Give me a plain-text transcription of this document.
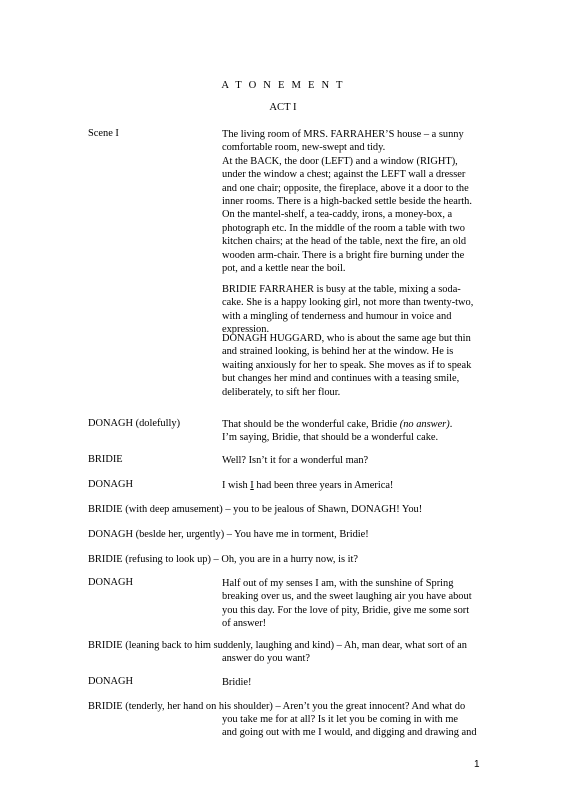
A T O N E M E N T
ACT I
Scene I	The living room of MRS. FARRAHER’S house – a sunny
comfortable room, new-swept and tidy.
At the BACK, the door (LEFT) and a window (RIGHT),
under the window a chest; against the LEFT wall a dresser
and one chair; opposite, the fireplace, above it a door to the
inner rooms. There is a high-backed settle beside the hearth.
On the mantel-shelf, a tea-caddy, irons, a money-box, a
photograph etc. In the middle of the room a table with two
kitchen chairs; at the head of the table, next the fire, an old
wooden arm-chair. There is a bright fire burning under the
pot, and a kettle near the boil.
BRIDIE FARRAHER is busy at the table, mixing a soda-
cake. She is a happy looking girl, not more than twenty-two,
with a mingling of tenderness and humour in voice and
expression.
DONAGH HUGGARD, who is about the same age but thin
and strained looking, is behind her at the window. He is
waiting anxiously for her to speak. She moves as if to speak
but changes her mind and continues with a teasing smile,
deliberately, to sift her flour.
DONAGH (dolefully)	That should be the wonderful cake, Bridie (no answer).
I’m saying, Bridie, that should be a wonderful cake.
BRIDIE	Well? Isn’t it for a wonderful man?
DONAGH	I wish I had been three years in America!
BRIDIE (with deep amusement) – you to be jealous of Shawn, DONAGH! You!
DONAGH (beslde her, urgently) – You have me in torment, Bridie!
BRIDIE (refusing to look up) – Oh, you are in a hurry now, is it?
DONAGH	Half out of my senses I am, with the sunshine of Spring
breaking over us, and the sweet laughing air you have about
you this day. For the love of pity, Bridie, give me some sort
of answer!
BRIDIE (leaning back to him suddenly, laughing and kind) – Ah, man dear, what sort of an
answer do you want?
DONAGH	Bridie!
BRIDIE (tenderly, her hand on his shoulder) – Aren’t you the great innocent? And what do
you take me for at all? Is it let you be coming in with me
and going out with me I would, and digging and drawing and
1
